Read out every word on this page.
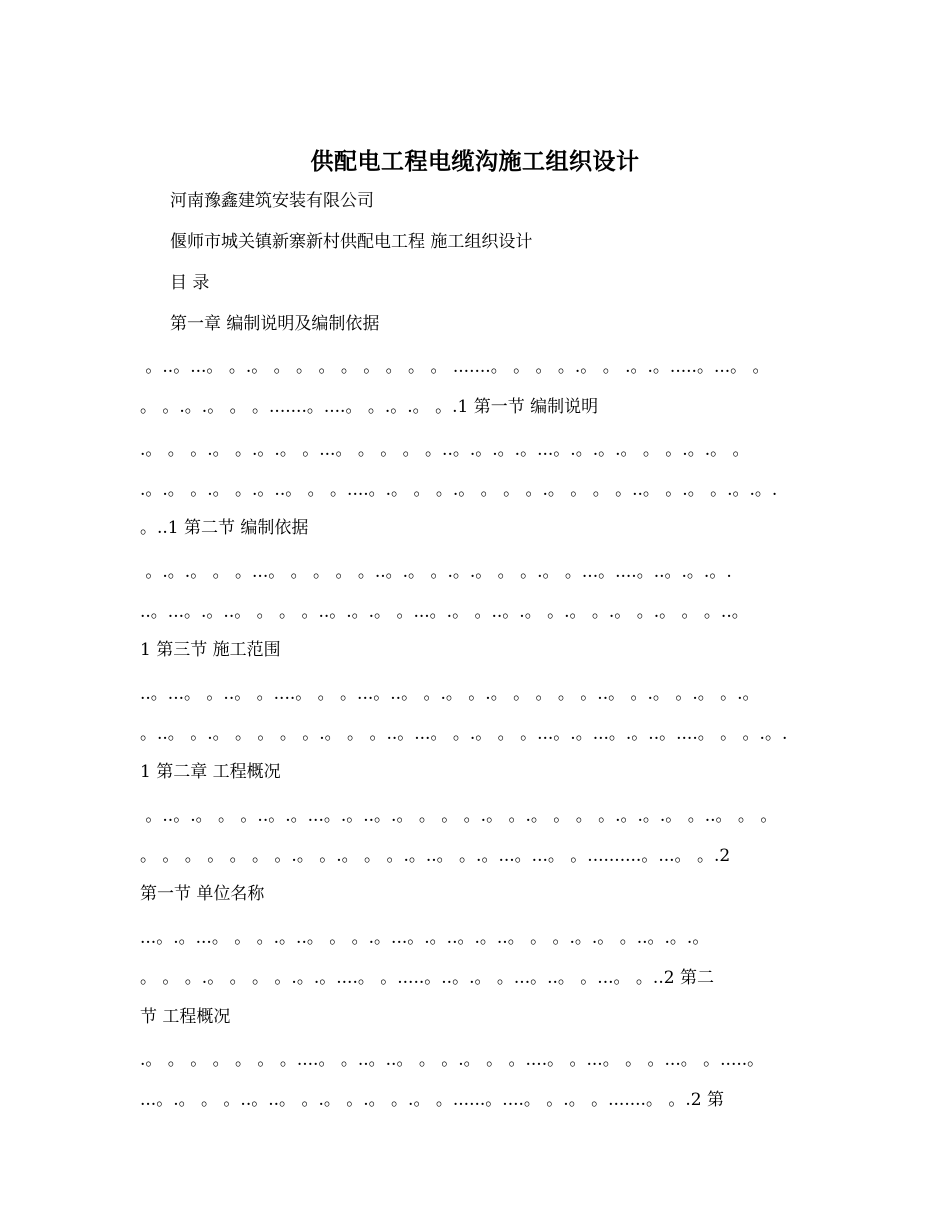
供配电工程电缆沟施工组织设计
河南豫鑫建筑安装有限公司
偃师市城关镇新寨新村供配电工程 施工组织设计
目 录
第一章 编制说明及编制依据
。..。...。 。.。 。 。 。 。 。 。 。 。 .......。 。 。 。.。 。 .。.。.....。...。 。
。 。.。.。 。 。.......。....。 。.。.。 。.1 第一节 编制说明
.。 。 。.。 。.。.。 。...。 。 。 。 。..。.。.。.。...。.。.。.。 。 。.。.。 。
.。.。 。.。 。.。..。 。 。....。.。 。 。.。 。 。 。.。 。 。 。..。 。.。 。.。.。.
。..1 第二节 编制依据
。.。.。 。 。...。 。 。 。 。..。.。 。.。.。 。 。.。 。...。....。..。.。.。.
..。...。.。..。 。 。 。..。.。.。 。...。.。 。..。.。 。.。 。.。 。.。 。 。..。
1 第三节 施工范围
..。...。 。..。 。....。 。 。...。..。 。.。 。.。 。 。 。 。..。 。.。 。.。 。.。
。..。 。.。 。 。 。 。.。 。 。..。...。 。.。 。 。...。.。...。.。..。....。 。 。.。.
1 第二章 工程概况
。..。.。 。 。..。.。...。.。..。.。 。 。 。.。 。.。 。 。 。.。.。.。 。..。 。 。
。 。 。 。 。 。 。.。 。.。 。 。.。..。 。.。...。...。 。..........。...。 。.2
第一节 单位名称
...。.。...。 。 。.。..。 。 。.。...。.。..。.。..。 。 。.。.。 。..。.。.。
。 。 。.。 。 。 。.。.。....。 。.....。..。.。 。...。..。 。...。 。..2 第二
节 工程概况
.。 。 。 。 。 。 。....。 。..。..。 。 。.。 。 。....。 。...。 。 。...。 。.....。
...。.。 。 。..。..。 。.。 。.。 。.。 。......。....。 。.。 。.......。 。.2 第
